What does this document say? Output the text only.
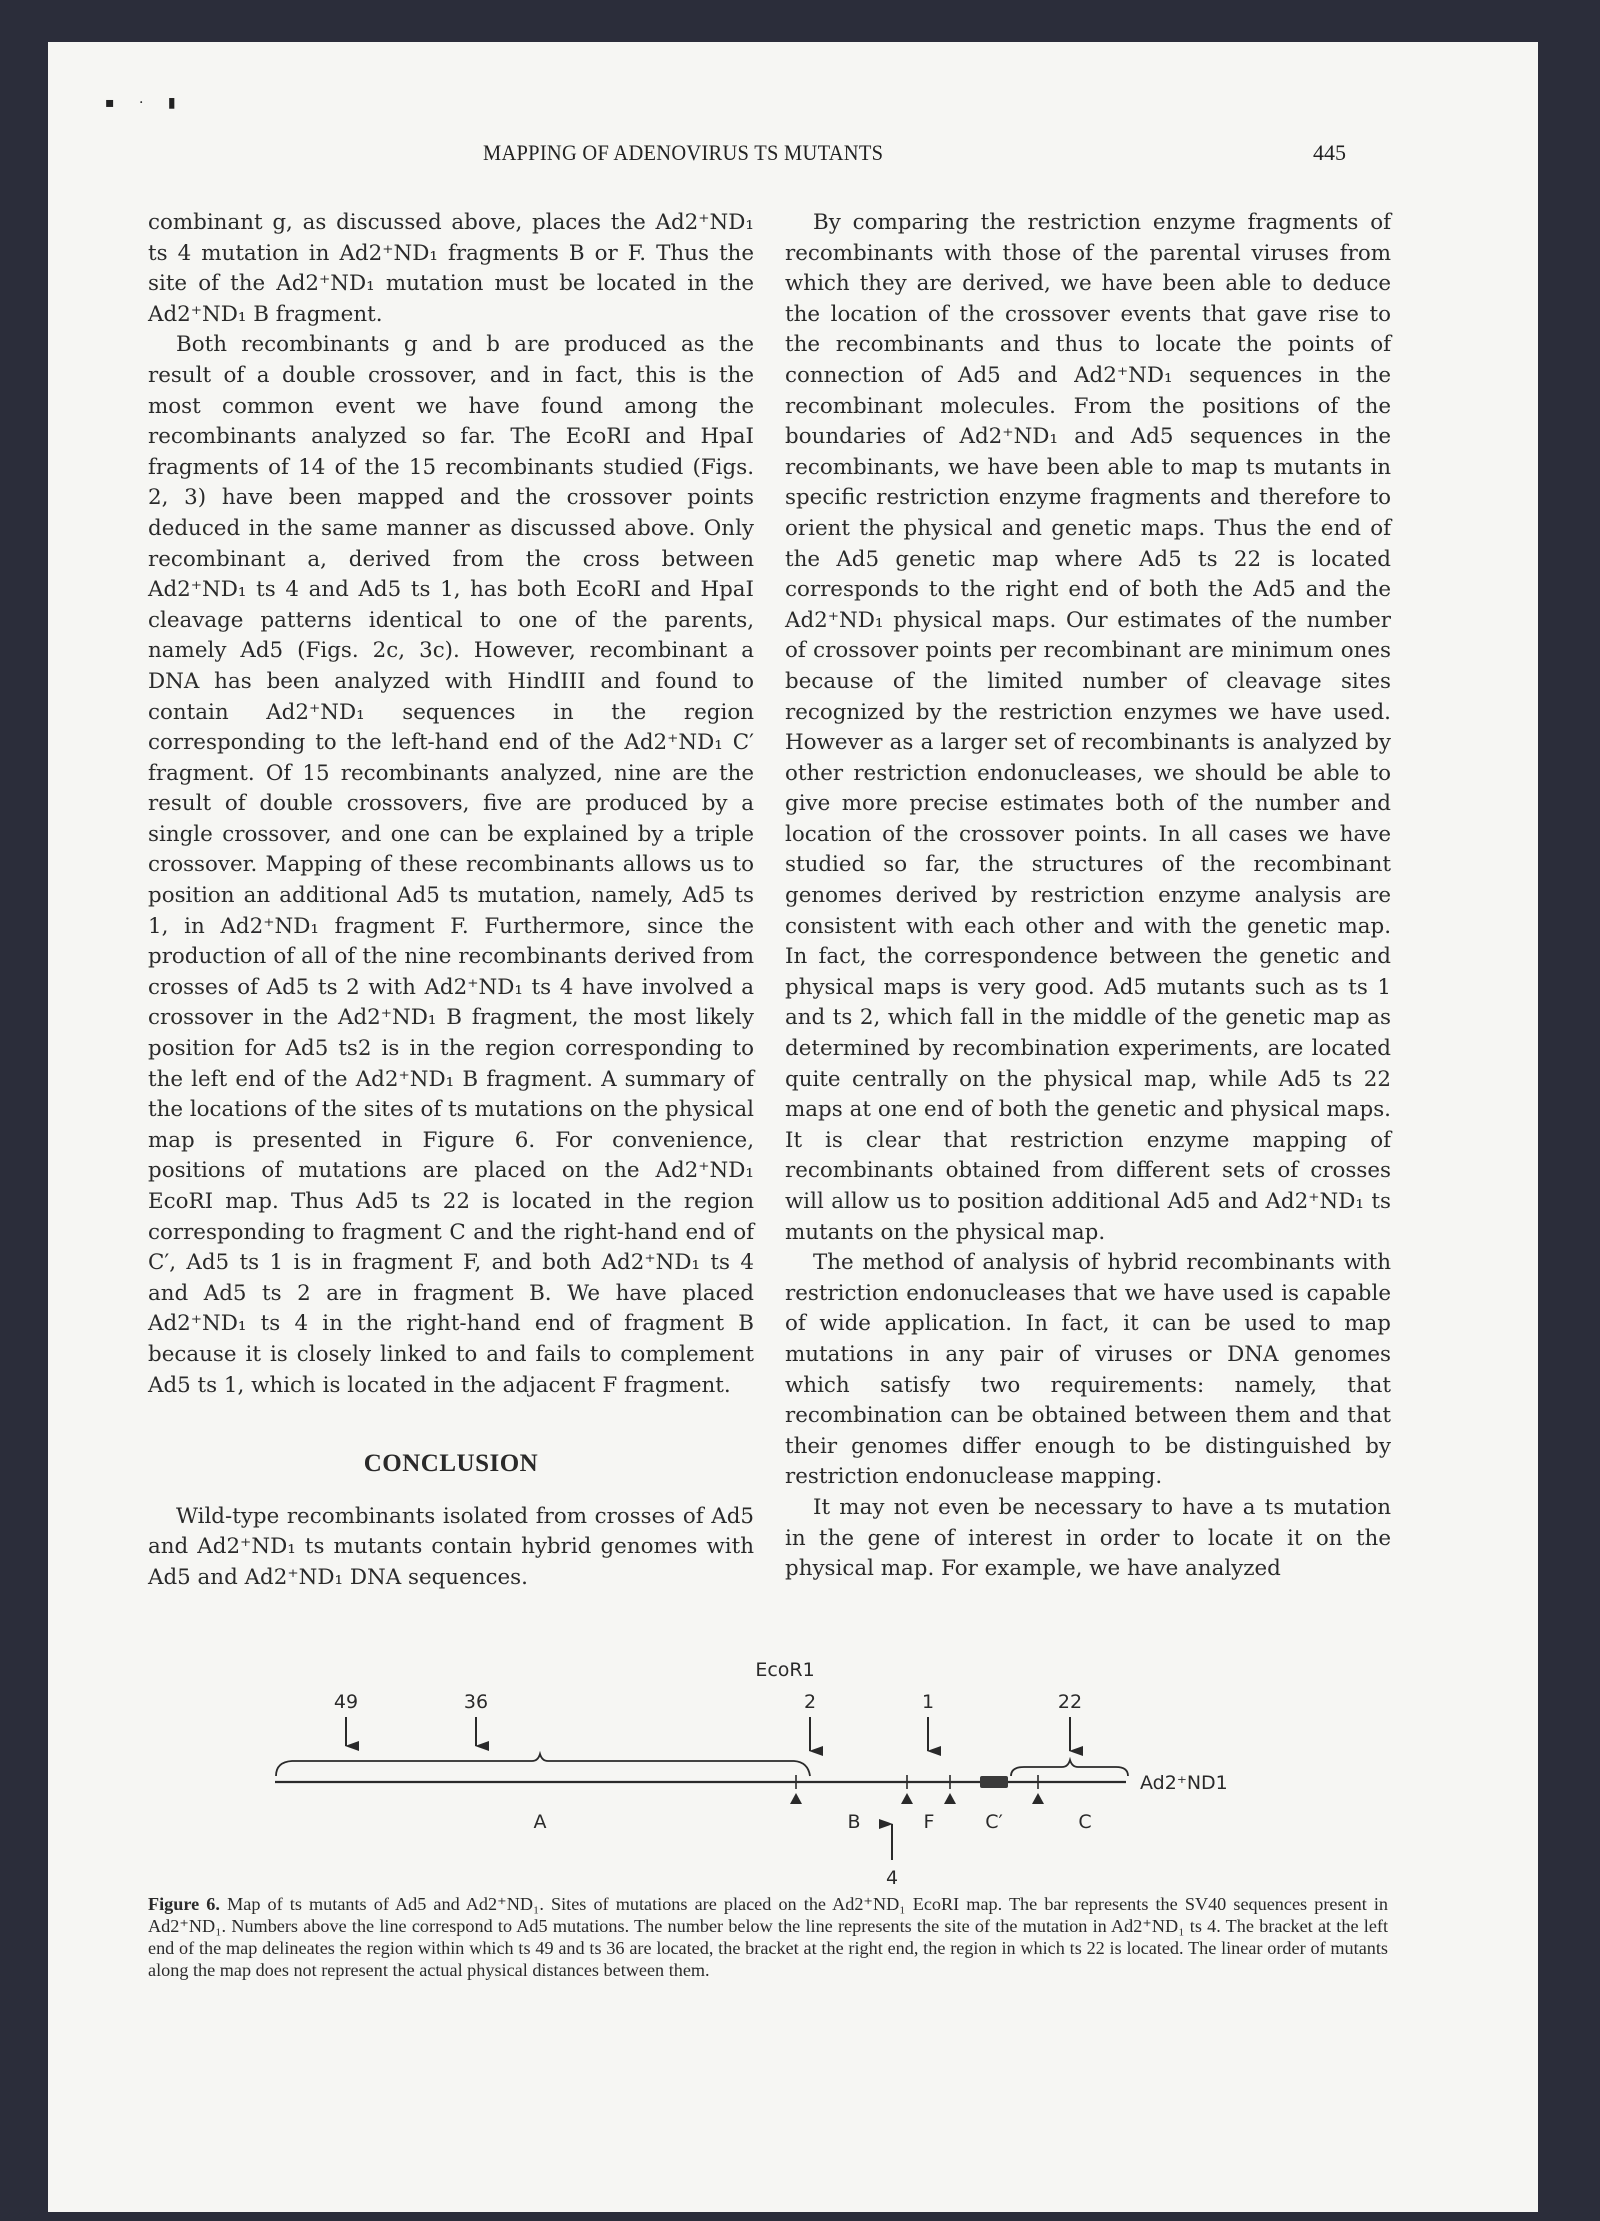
▪ · ▮
MAPPING OF ADENOVIRUS TS MUTANTS	445

combinant g, as discussed above, places the Ad2⁺ND₁ ts 4 mutation in Ad2⁺ND₁ fragments B or F. Thus the site of the Ad2⁺ND₁ mutation must be located in the Ad2⁺ND₁ B fragment.

Both recombinants g and b are produced as the result of a double crossover, and in fact, this is the most common event we have found among the recombinants analyzed so far. The EcoRI and HpaI fragments of 14 of the 15 recombinants studied (Figs. 2, 3) have been mapped and the crossover points deduced in the same manner as discussed above. Only recombinant a, derived from the cross between Ad2⁺ND₁ ts 4 and Ad5 ts 1, has both EcoRI and HpaI cleavage patterns identical to one of the parents, namely Ad5 (Figs. 2c, 3c). However, recombinant a DNA has been analyzed with HindIII and found to contain Ad2⁺ND₁ sequences in the region corresponding to the left-hand end of the Ad2⁺ND₁ C′ fragment. Of 15 recombinants analyzed, nine are the result of double crossovers, five are produced by a single crossover, and one can be explained by a triple crossover. Mapping of these recombinants allows us to position an additional Ad5 ts mutation, namely, Ad5 ts 1, in Ad2⁺ND₁ fragment F. Furthermore, since the production of all of the nine recombinants derived from crosses of Ad5 ts 2 with Ad2⁺ND₁ ts 4 have involved a crossover in the Ad2⁺ND₁ B fragment, the most likely position for Ad5 ts2 is in the region corresponding to the left end of the Ad2⁺ND₁ B fragment. A summary of the locations of the sites of ts mutations on the physical map is presented in Figure 6. For convenience, positions of mutations are placed on the Ad2⁺ND₁ EcoRI map. Thus Ad5 ts 22 is located in the region corresponding to fragment C and the right-hand end of C′, Ad5 ts 1 is in fragment F, and both Ad2⁺ND₁ ts 4 and Ad5 ts 2 are in fragment B. We have placed Ad2⁺ND₁ ts 4 in the right-hand end of fragment B because it is closely linked to and fails to complement Ad5 ts 1, which is located in the adjacent F fragment.

CONCLUSION

Wild-type recombinants isolated from crosses of Ad5 and Ad2⁺ND₁ ts mutants contain hybrid genomes with Ad5 and Ad2⁺ND₁ DNA sequences.

By comparing the restriction enzyme fragments of recombinants with those of the parental viruses from which they are derived, we have been able to deduce the location of the crossover events that gave rise to the recombinants and thus to locate the points of connection of Ad5 and Ad2⁺ND₁ sequences in the recombinant molecules. From the positions of the boundaries of Ad2⁺ND₁ and Ad5 sequences in the recombinants, we have been able to map ts mutants in specific restriction enzyme fragments and therefore to orient the physical and genetic maps. Thus the end of the Ad5 genetic map where Ad5 ts 22 is located corresponds to the right end of both the Ad5 and the Ad2⁺ND₁ physical maps. Our estimates of the number of crossover points per recombinant are minimum ones because of the limited number of cleavage sites recognized by the restriction enzymes we have used. However as a larger set of recombinants is analyzed by other restriction endonucleases, we should be able to give more precise estimates both of the number and location of the crossover points. In all cases we have studied so far, the structures of the recombinant genomes derived by restriction enzyme analysis are consistent with each other and with the genetic map. In fact, the correspondence between the genetic and physical maps is very good. Ad5 mutants such as ts 1 and ts 2, which fall in the middle of the genetic map as determined by recombination experiments, are located quite centrally on the physical map, while Ad5 ts 22 maps at one end of both the genetic and physical maps. It is clear that restriction enzyme mapping of recombinants obtained from different sets of crosses will allow us to position additional Ad5 and Ad2⁺ND₁ ts mutants on the physical map.

The method of analysis of hybrid recombinants with restriction endonucleases that we have used is capable of wide application. In fact, it can be used to map mutations in any pair of viruses or DNA genomes which satisfy two requirements: namely, that recombination can be obtained between them and that their genomes differ enough to be distinguished by restriction endonuclease mapping.

It may not even be necessary to have a ts mutation in the gene of interest in order to locate it on the physical map. For example, we have analyzed

EcoR1
49	36	2	1	22
4
A	B	F	C′	C
Ad2⁺ND1
Figure 6. Map of ts mutants of Ad5 and Ad2⁺ND₁. Sites of mutations are placed on the Ad2⁺ND₁ EcoRI map. The bar represents the SV40 sequences present in Ad2⁺ND₁. Numbers above the line correspond to Ad5 mutations. The number below the line represents the site of the mutation in Ad2⁺ND₁ ts 4. The bracket at the left end of the map delineates the region within which ts 49 and ts 36 are located, the bracket at the right end, the region in which ts 22 is located. The linear order of mutants along the map does not represent the actual physical distances between them.
